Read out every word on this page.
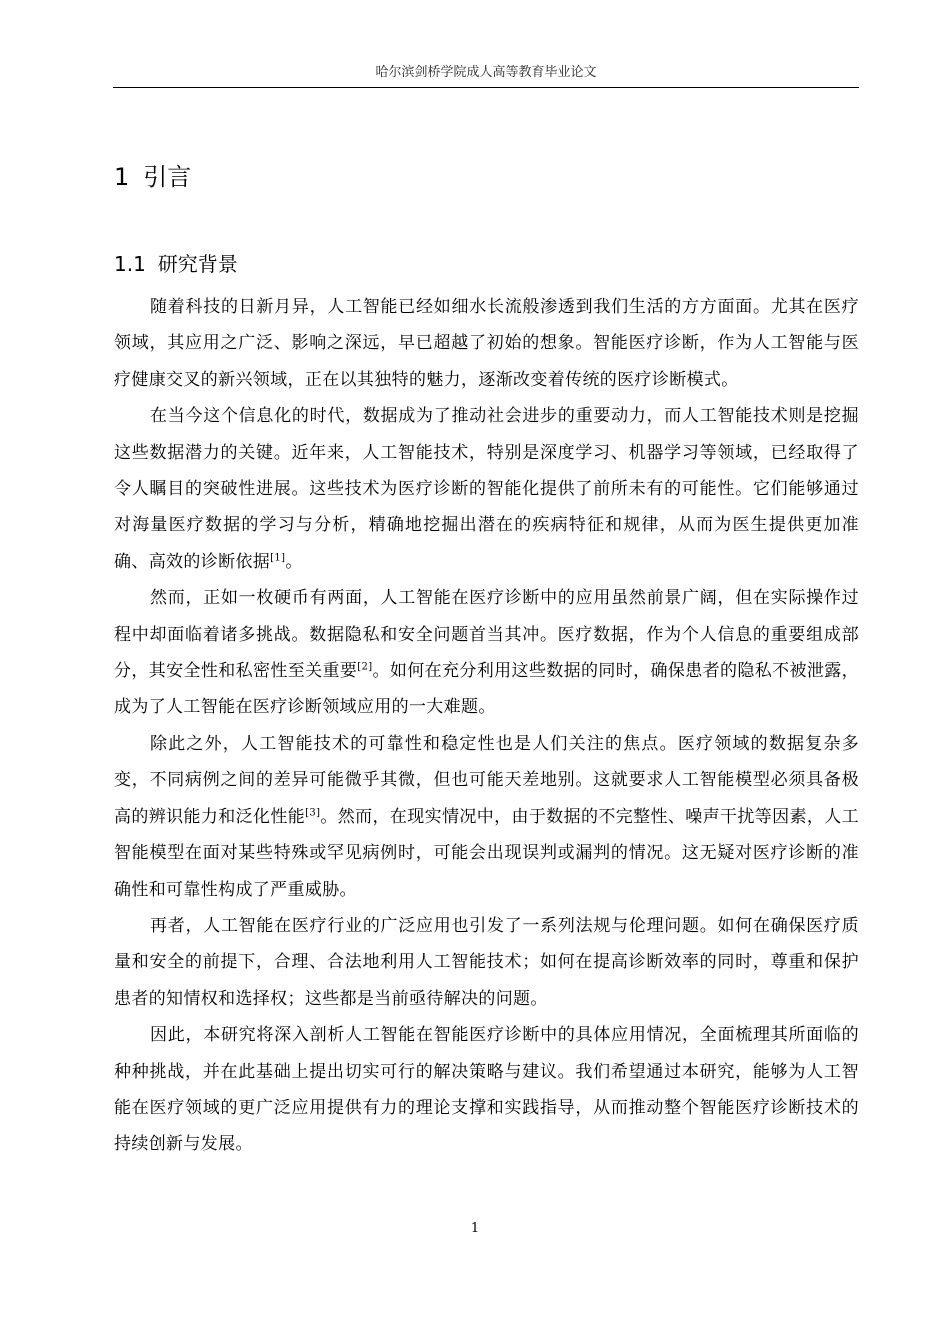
哈尔滨剑桥学院成人高等教育毕业论文
1 引言
1.1 研究背景

随着科技的日新月异，人工智能已经如细水长流般渗透到我们生活的方方面面。尤其在医疗领域，其应用之广泛、影响之深远，早已超越了初始的想象。智能医疗诊断，作为人工智能与医疗健康交叉的新兴领域，正在以其独特的魅力，逐渐改变着传统的医疗诊断模式。

在当今这个信息化的时代，数据成为了推动社会进步的重要动力，而人工智能技术则是挖掘这些数据潜力的关键。近年来，人工智能技术，特别是深度学习、机器学习等领域，已经取得了令人瞩目的突破性进展。这些技术为医疗诊断的智能化提供了前所未有的可能性。它们能够通过对海量医疗数据的学习与分析，精确地挖掘出潜在的疾病特征和规律，从而为医生提供更加准确、高效的诊断依据[1]。

然而，正如一枚硬币有两面，人工智能在医疗诊断中的应用虽然前景广阔，但在实际操作过程中却面临着诸多挑战。数据隐私和安全问题首当其冲。医疗数据，作为个人信息的重要组成部分，其安全性和私密性至关重要[2]。如何在充分利用这些数据的同时，确保患者的隐私不被泄露，成为了人工智能在医疗诊断领域应用的一大难题。

除此之外，人工智能技术的可靠性和稳定性也是人们关注的焦点。医疗领域的数据复杂多变，不同病例之间的差异可能微乎其微，但也可能天差地别。这就要求人工智能模型必须具备极高的辨识能力和泛化性能[3]。然而，在现实情况中，由于数据的不完整性、噪声干扰等因素，人工智能模型在面对某些特殊或罕见病例时，可能会出现误判或漏判的情况。这无疑对医疗诊断的准确性和可靠性构成了严重威胁。

再者，人工智能在医疗行业的广泛应用也引发了一系列法规与伦理问题。如何在确保医疗质量和安全的前提下，合理、合法地利用人工智能技术；如何在提高诊断效率的同时，尊重和保护患者的知情权和选择权；这些都是当前亟待解决的问题。

因此，本研究将深入剖析人工智能在智能医疗诊断中的具体应用情况，全面梳理其所面临的种种挑战，并在此基础上提出切实可行的解决策略与建议。我们希望通过本研究，能够为人工智能在医疗领域的更广泛应用提供有力的理论支撑和实践指导，从而推动整个智能医疗诊断技术的持续创新与发展。

1
